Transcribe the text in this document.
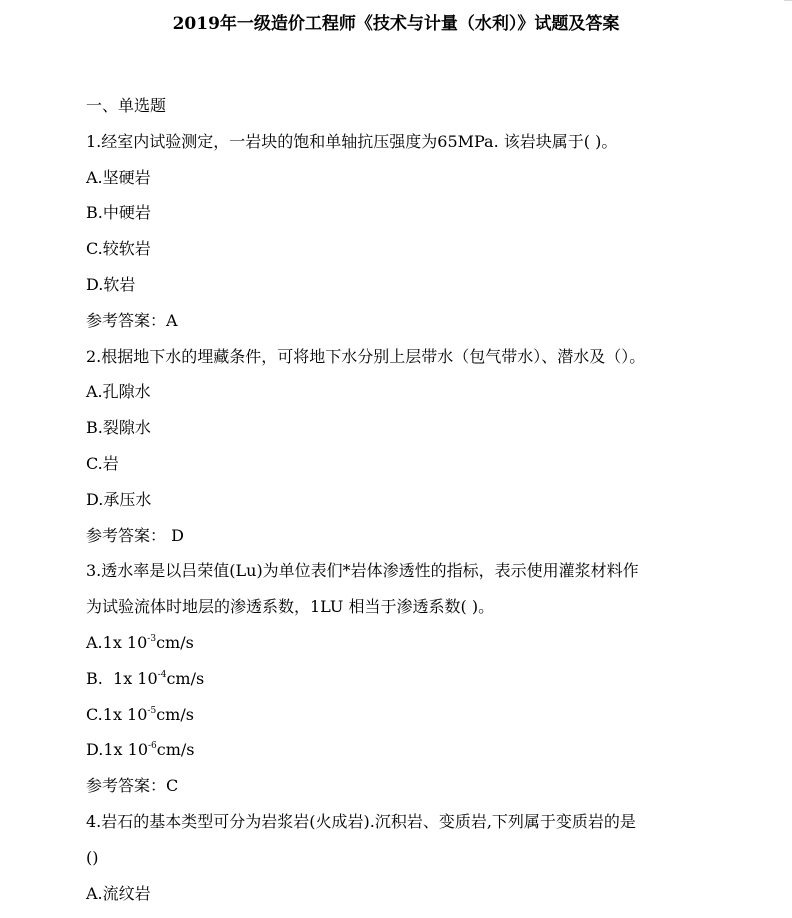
2019年一级造价工程师《技术与计量（水利）》试题及答案

一、单选题

1.经室内试验测定，一岩块的饱和单轴抗压强度为65MPa. 该岩块属于( )。

A.坚硬岩

B.中硬岩

C.较软岩

D.软岩

参考答案：A

2.根据地下水的埋藏条件，可将地下水分别上层带水（包气带水）、潜水及（）。

A.孔隙水

B.裂隙水

C.岩

D.承压水

参考答案： D

3.透水率是以吕荣值(Lu)为单位表们*岩体渗透性的指标，表示使用灌浆材料作

为试验流体时地层的渗透系数，1LU 相当于渗透系数( )。

A.1x $10^{-3}cm/s$

B.  1x $10^{-4}cm/s$

C.1x $10^{-5}cm/s$

D.1x $10^{-6}cm/s$

参考答案：C

4.岩石的基本类型可分为岩浆岩(火成岩).沉积岩、变质岩,下列属于变质岩的是

()

A.流纹岩
